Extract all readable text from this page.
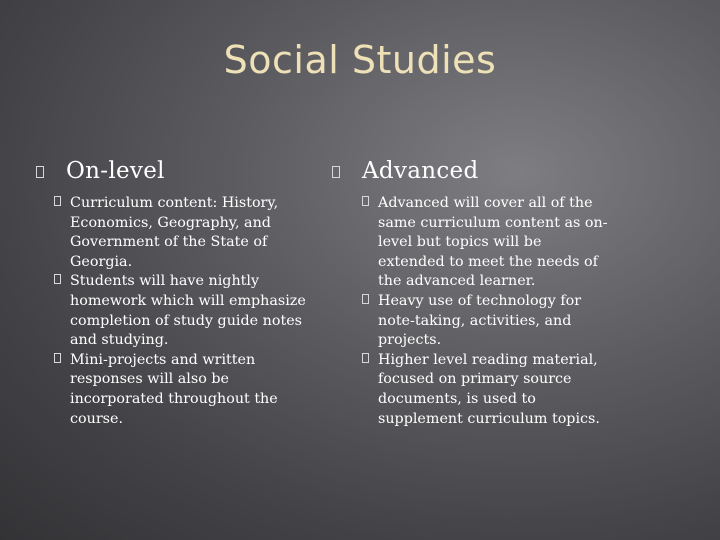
Social Studies
On-level
Curriculum content: History, Economics, Geography, and Government of the State of Georgia.
Students will have nightly homework which will emphasize completion of study guide notes and studying.
Mini-projects and written responses will also be incorporated throughout the course.
Advanced
Advanced will cover all of the same curriculum content as on-level but topics will be extended to meet the needs of the advanced learner.
Heavy use of technology for note-taking, activities, and projects.
Higher level reading material, focused on primary source documents, is used to supplement curriculum topics.
